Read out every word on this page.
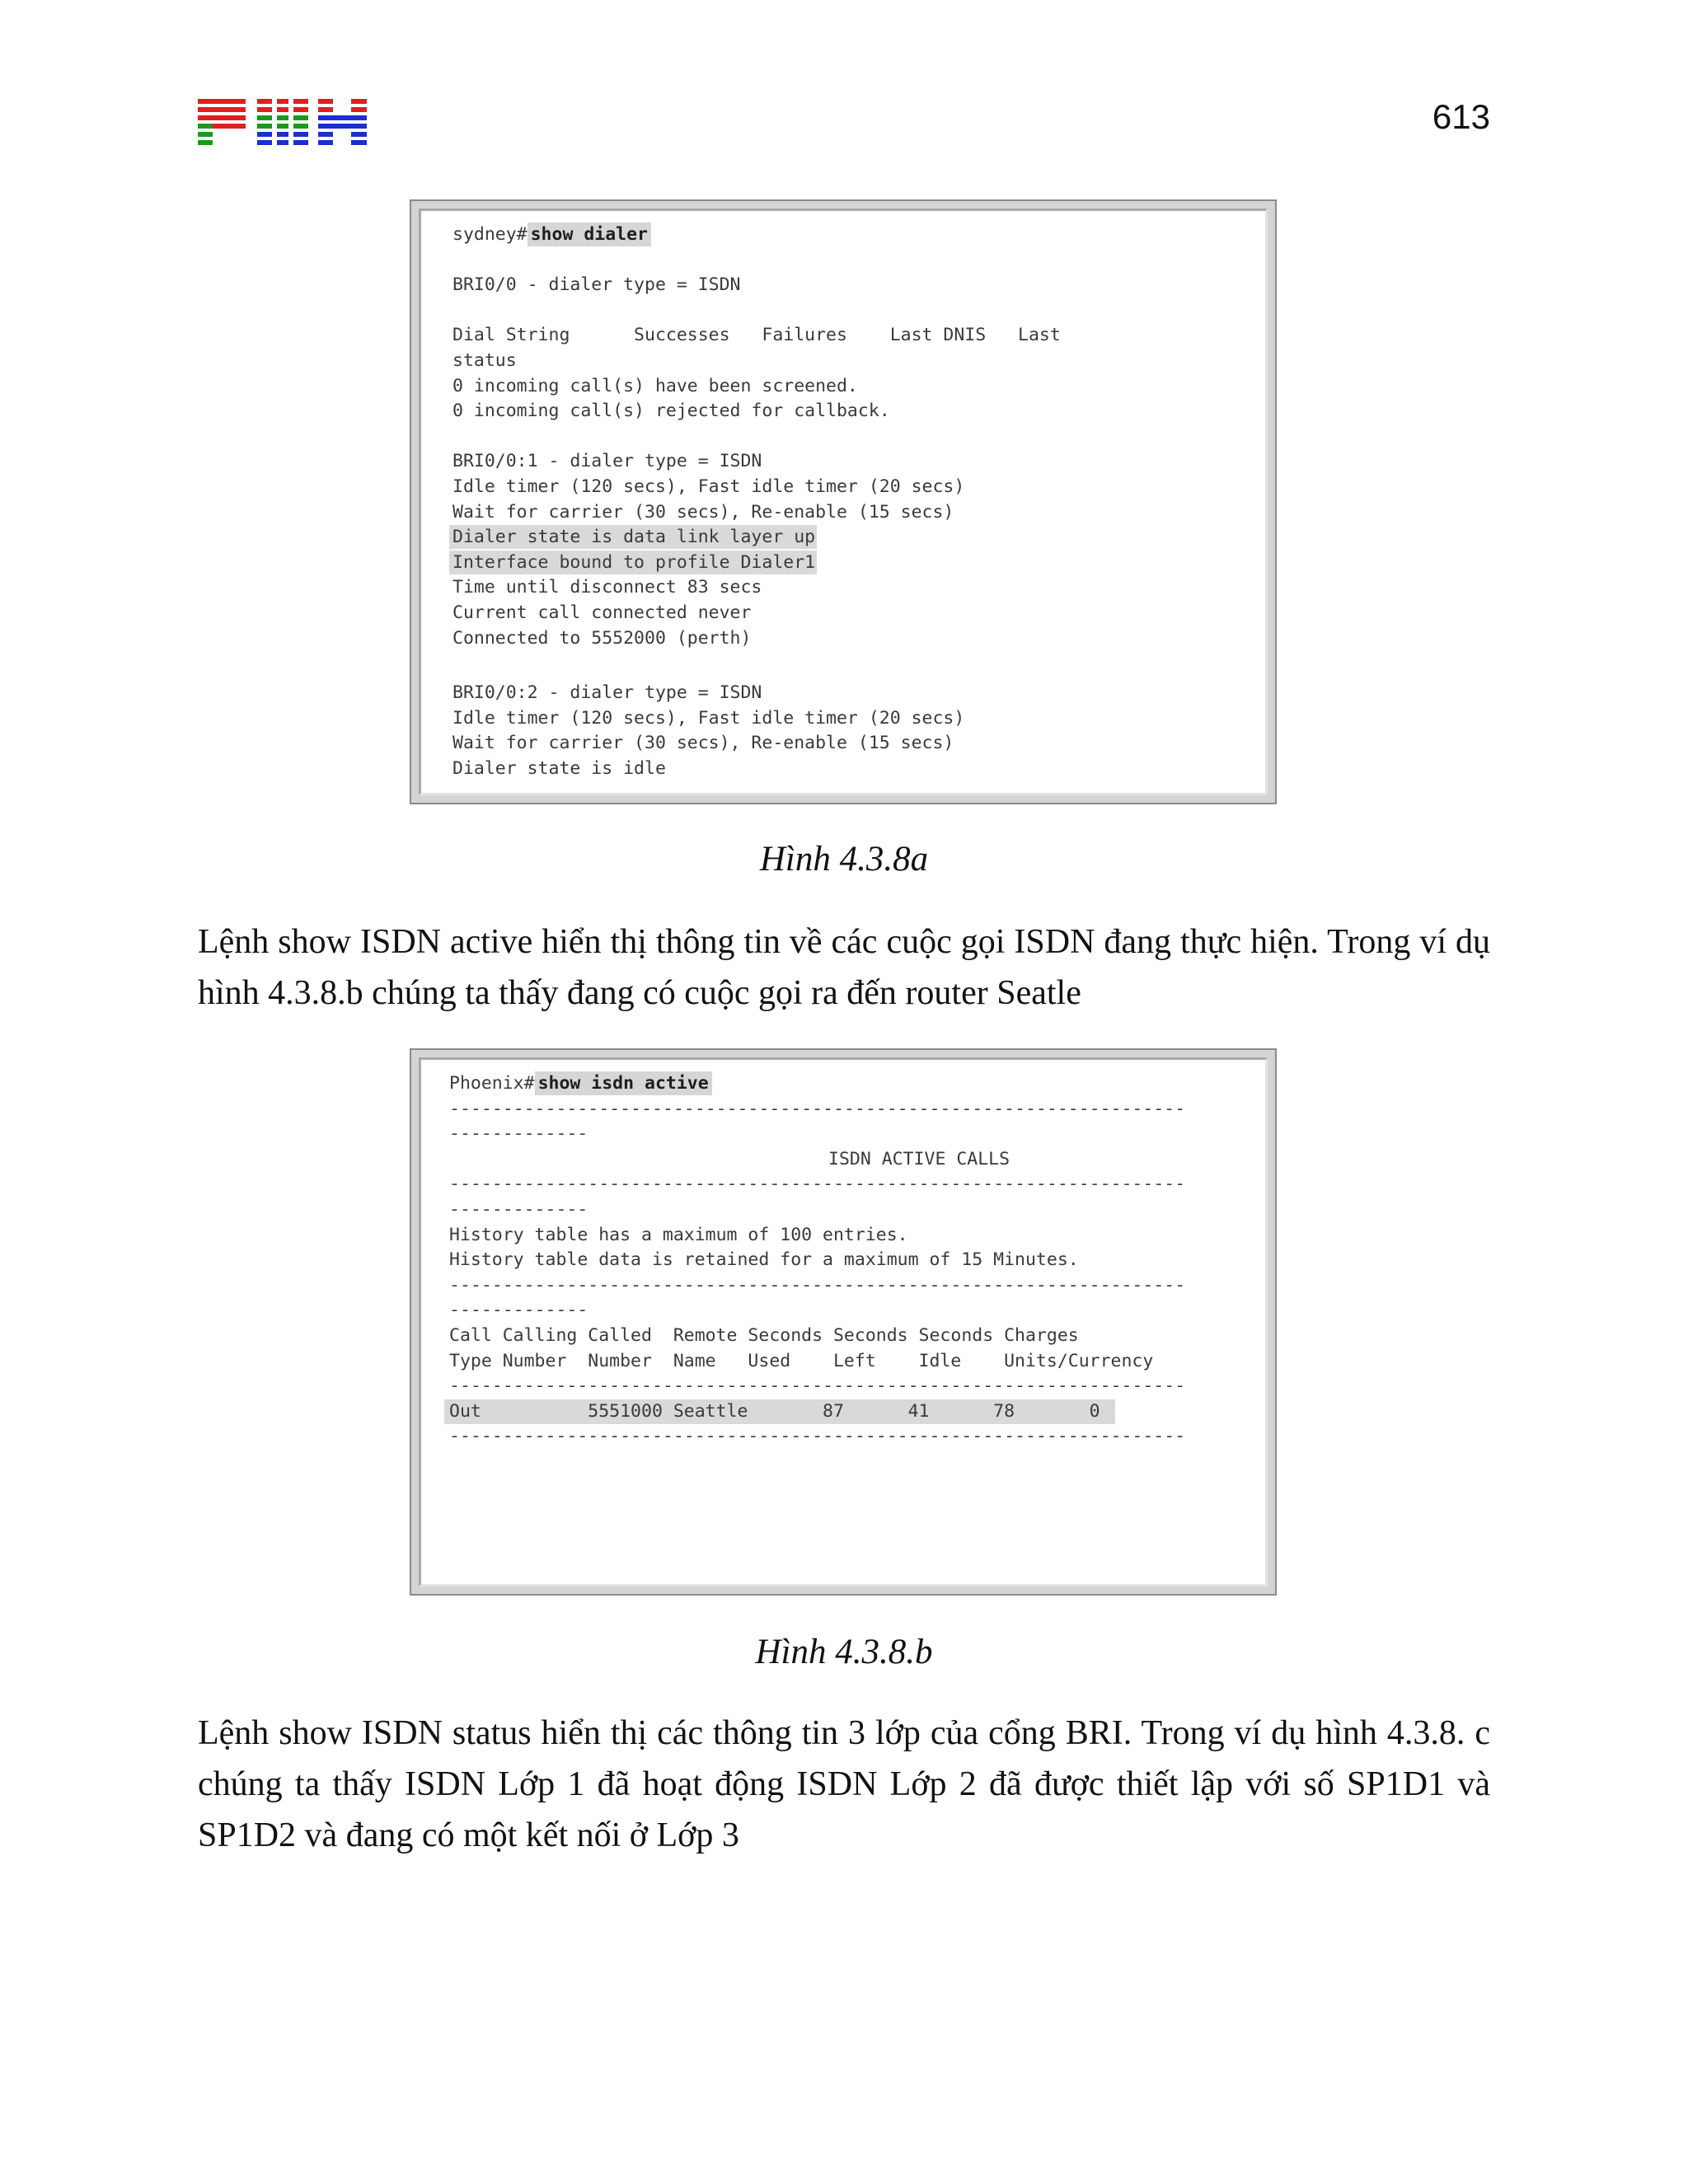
613
sydney# show dialer
BRI0/0 - dialer type = ISDN
Dial String      Successes   Failures    Last DNIS   Last
status
0 incoming call(s) have been screened.
0 incoming call(s) rejected for callback.
BRI0/0:1 - dialer type = ISDN
Idle timer (120 secs), Fast idle timer (20 secs)
Wait for carrier (30 secs), Re-enable (15 secs)
Dialer state is data link layer up
Interface bound to profile Dialer1
Time until disconnect 83 secs
Current call connected never
Connected to 5552000 (perth)
BRI0/0:2 - dialer type = ISDN
Idle timer (120 secs), Fast idle timer (20 secs)
Wait for carrier (30 secs), Re-enable (15 secs)
Dialer state is idle
Hình 4.3.8a
Lệnh show ISDN active hiển thị thông tin về các cuộc gọi ISDN đang thực hiện. Trong ví dụ hình 4.3.8.b chúng ta thấy đang có cuộc gọi ra đến router Seatle
Phoenix# show isdn active
---------------------------------------------------------------------
-------------
ISDN ACTIVE CALLS
---------------------------------------------------------------------
-------------
History table has a maximum of 100 entries.
History table data is retained for a maximum of 15 Minutes.
---------------------------------------------------------------------
-------------
Call Calling Called  Remote Seconds Seconds Seconds Charges
Type Number  Number  Name   Used    Left    Idle    Units/Currency
---------------------------------------------------------------------
Out          5551000 Seattle       87      41      78       0
---------------------------------------------------------------------
Hình 4.3.8.b
Lệnh show ISDN status hiển thị các thông tin 3 lớp của cổng BRI. Trong ví dụ hình 4.3.8. c chúng ta thấy ISDN Lớp 1 đã hoạt động ISDN Lớp 2 đã được thiết lập với số SP1D1 và SP1D2 và đang có một kết nối ở Lớp 3
